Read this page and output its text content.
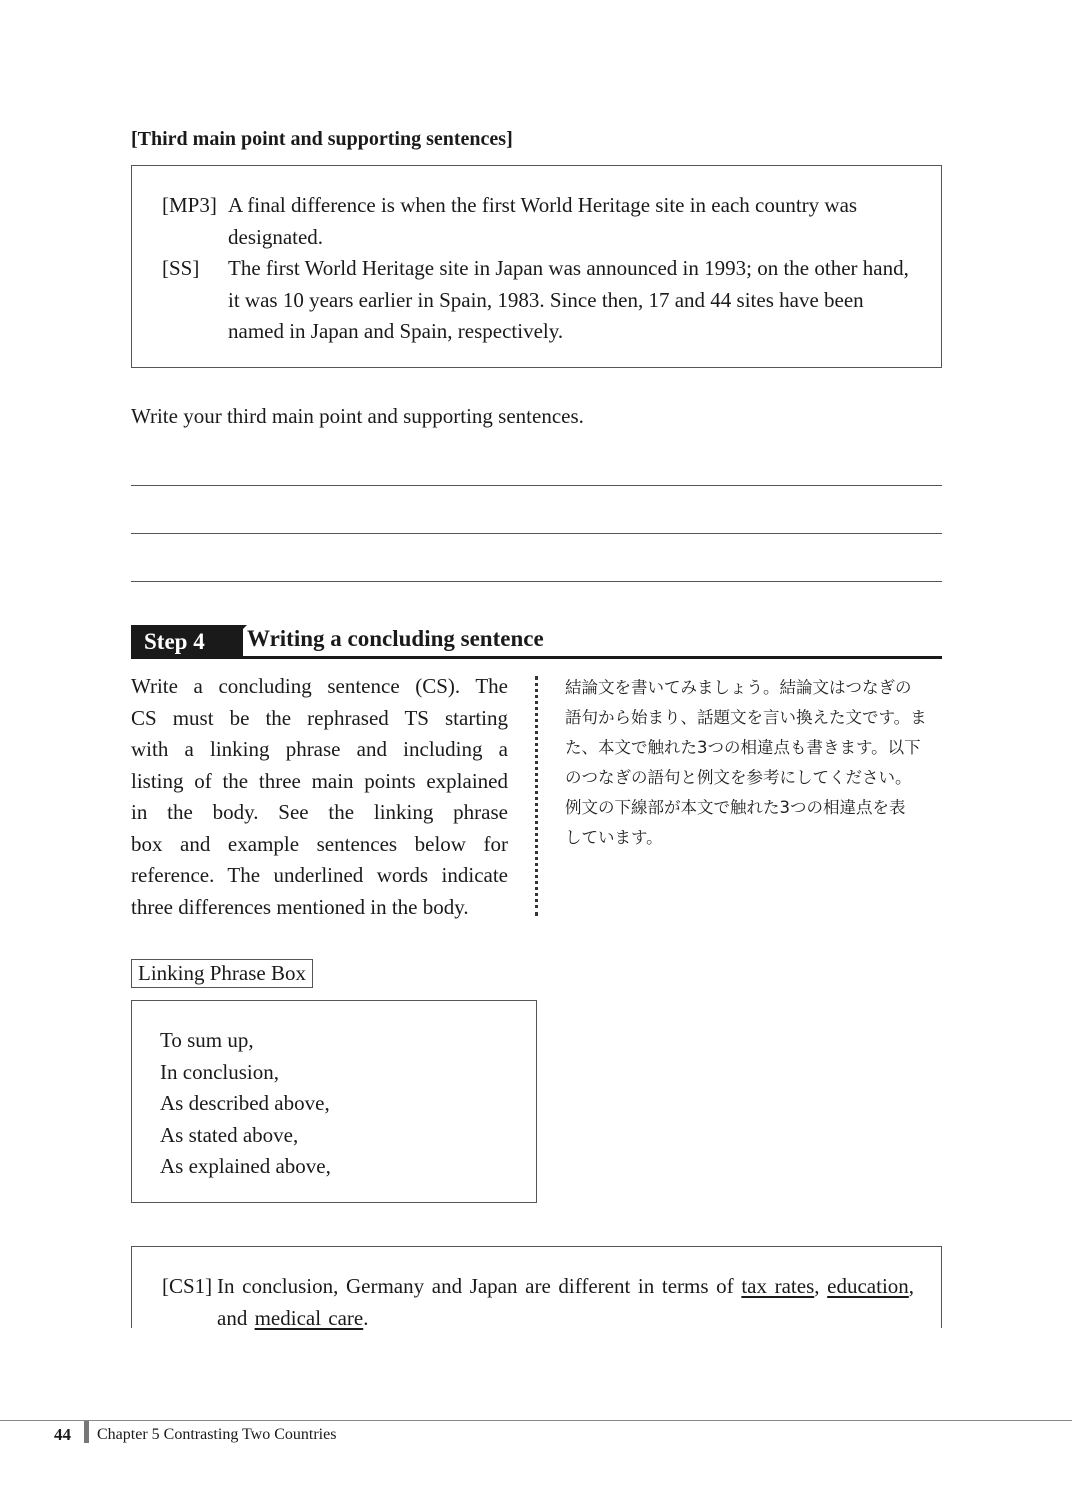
[Third main point and supporting sentences]
[MP3] A final difference is when the first World Heritage site in each country was designated.
[SS] The first World Heritage site in Japan was announced in 1993; on the other hand, it was 10 years earlier in Spain, 1983. Since then, 17 and 44 sites have been named in Japan and Spain, respectively.
Write your third main point and supporting sentences.
Step 4 Writing a concluding sentence
Write a concluding sentence (CS). The
CS must be the rephrased TS starting
with a linking phrase and including a
listing of the three main points explained
in the body. See the linking phrase
box and example sentences below for
reference. The underlined words indicate
three differences mentioned in the body.
結論文を書いてみましょう。結論文はつなぎの
語句から始まり、話題文を言い換えた文です。ま
た、本文で触れた3つの相違点も書きます。以下
のつなぎの語句と例文を参考にしてください。
例文の下線部が本文で触れた3つの相違点を表
しています。
Linking Phrase Box
To sum up,
In conclusion,
As described above,
As stated above,
As explained above,
[CS1] In conclusion, Germany and Japan are different in terms of tax rates, education, and medical care.
44 Chapter 5 Contrasting Two Countries
